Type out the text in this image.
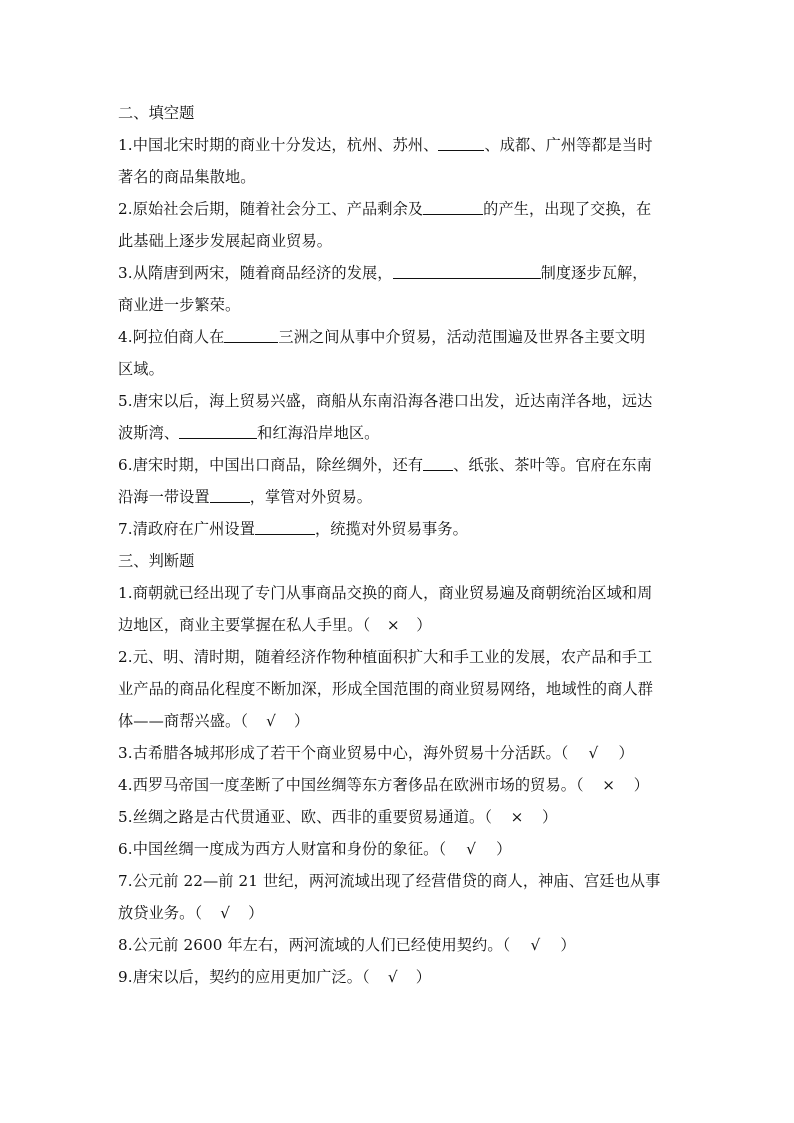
二、填空题
1.中国北宋时期的商业十分发达，杭州、苏州、	、成都、广州等都是当时
著名的商品集散地。
2.原始社会后期，随着社会分工、产品剩余及	的产生，出现了交换，在
此基础上逐步发展起商业贸易。
3.从隋唐到两宋，随着商品经济的发展，	制度逐步瓦解，
商业进一步繁荣。
4.阿拉伯商人在	三洲之间从事中介贸易，活动范围遍及世界各主要文明
区域。
5.唐宋以后，海上贸易兴盛，商船从东南沿海各港口出发，近达南洋各地，远达
波斯湾、	和红海沿岸地区。
6.唐宋时期，中国出口商品，除丝绸外，还有 、纸张、茶叶等。官府在东南
沿海一带设置	，掌管对外贸易。
7.清政府在广州设置	，统揽对外贸易事务。
三、判断题
1.商朝就已经出现了专门从事商品交换的商人，商业贸易遍及商朝统治区域和周
边地区，商业主要掌握在私人手里。（ × ）
2.元、明、清时期，随着经济作物种植面积扩大和手工业的发展，农产品和手工
业产品的商品化程度不断加深，形成全国范围的商业贸易网络，地域性的商人群
体——商帮兴盛。（ √ ）
3.古希腊各城邦形成了若干个商业贸易中心，海外贸易十分活跃。（ √ ）
4.西罗马帝国一度垄断了中国丝绸等东方奢侈品在欧洲市场的贸易。（ × ）
5.丝绸之路是古代贯通亚、欧、西非的重要贸易通道。（ × ）
6.中国丝绸一度成为西方人财富和身份的象征。（ √ ）
7.公元前 22—前 21 世纪，两河流域出现了经营借贷的商人，神庙、宫廷也从事
放贷业务。（ √ ）
8.公元前 2600 年左右，两河流域的人们已经使用契约。（ √ ）
9.唐宋以后，契约的应用更加广泛。（ √ ）
